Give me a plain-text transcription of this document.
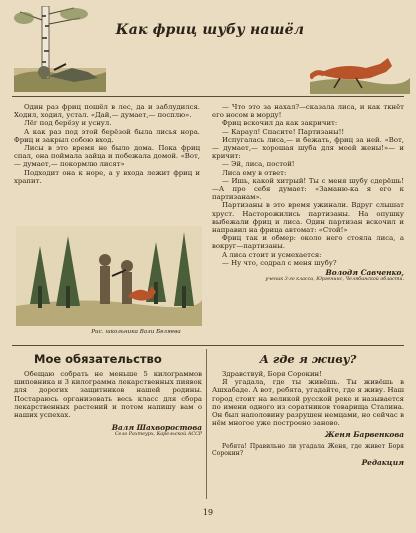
Как фриц шубу нашёл

Один раз фриц пошёл в лес, да и заблудился. Ходил, ходил, устал. «Дай,— думает,— посплю».

Лёг под берёзу и уснул.

А как раз под этой берёзой была лисья нора. Фриц и закрыл собою вход.

Лисы в это время не было дома. Пока фриц спал, она поймала зайца и побежала домой. «Вот,— думает,— покормлю лисят»

Подходит она к норе, а у входа лежит фриц и храпит.

Рис. школьника Вали Беляева

— Что это за нахал?—сказала лиса, и как ткнёт его носом в морду!

Фриц вскочил да как закричит:

— Караул! Спасите! Партизаны!!

Испугалась лиса,— и бежать, фриц за ней. «Вот,— думает,— хорошая шуба для моей жены!»— и кричит:

— Эй, лиса, постой!

Лиса ему в ответ:

— Ишь, какой хитрый! Ты с меня шубу сдерёшь!—А про себя думает: «Заманю-ка я его к партизанам».

Партизаны в это время ужинали. Вдруг слышат хруст. Насторожились партизаны. На опушку выбежали фриц и лиса. Один партизан вскочил и направил на фрица автомат: «Стой!»

Фриц так и обмер: около него стояла лиса, а вокруг—партизаны.

А лиса стоит и усмехается:

— Ну что, содрал с меня шубу?

Володя Савченко,
ученик 3-го класса, Юргенинс, Челябинской области.
Мое обязательство

Обещаю собрать не меньше 5 килограммов шиповника и 3 килограмма лекарственных пиявок для дорогих защитников нашей родины. Постараюсь организовать весь класс для сбора лекарственных растений и потом напишу вам о наших успехах.

Валя Шахворостова
Село Рахтеурх, Карельской АССР
А где я живу?

Здравствуй, Боря Сорокин!

Я угадала, где ты живёшь. Ты живёшь в Ашхабаде. А вот, ребята, угадайте, где я живу. Наш город стоит на великой русской реке и называется по имени одного из соратников товарища Сталина. Он был наполовину разрушен немцами, но сейчас в нём многое уже построено заново.

Женя Барвенкова

Ребята! Правильно ли угадала Женя, где живет Боря Сорокин?

Редакция
19
